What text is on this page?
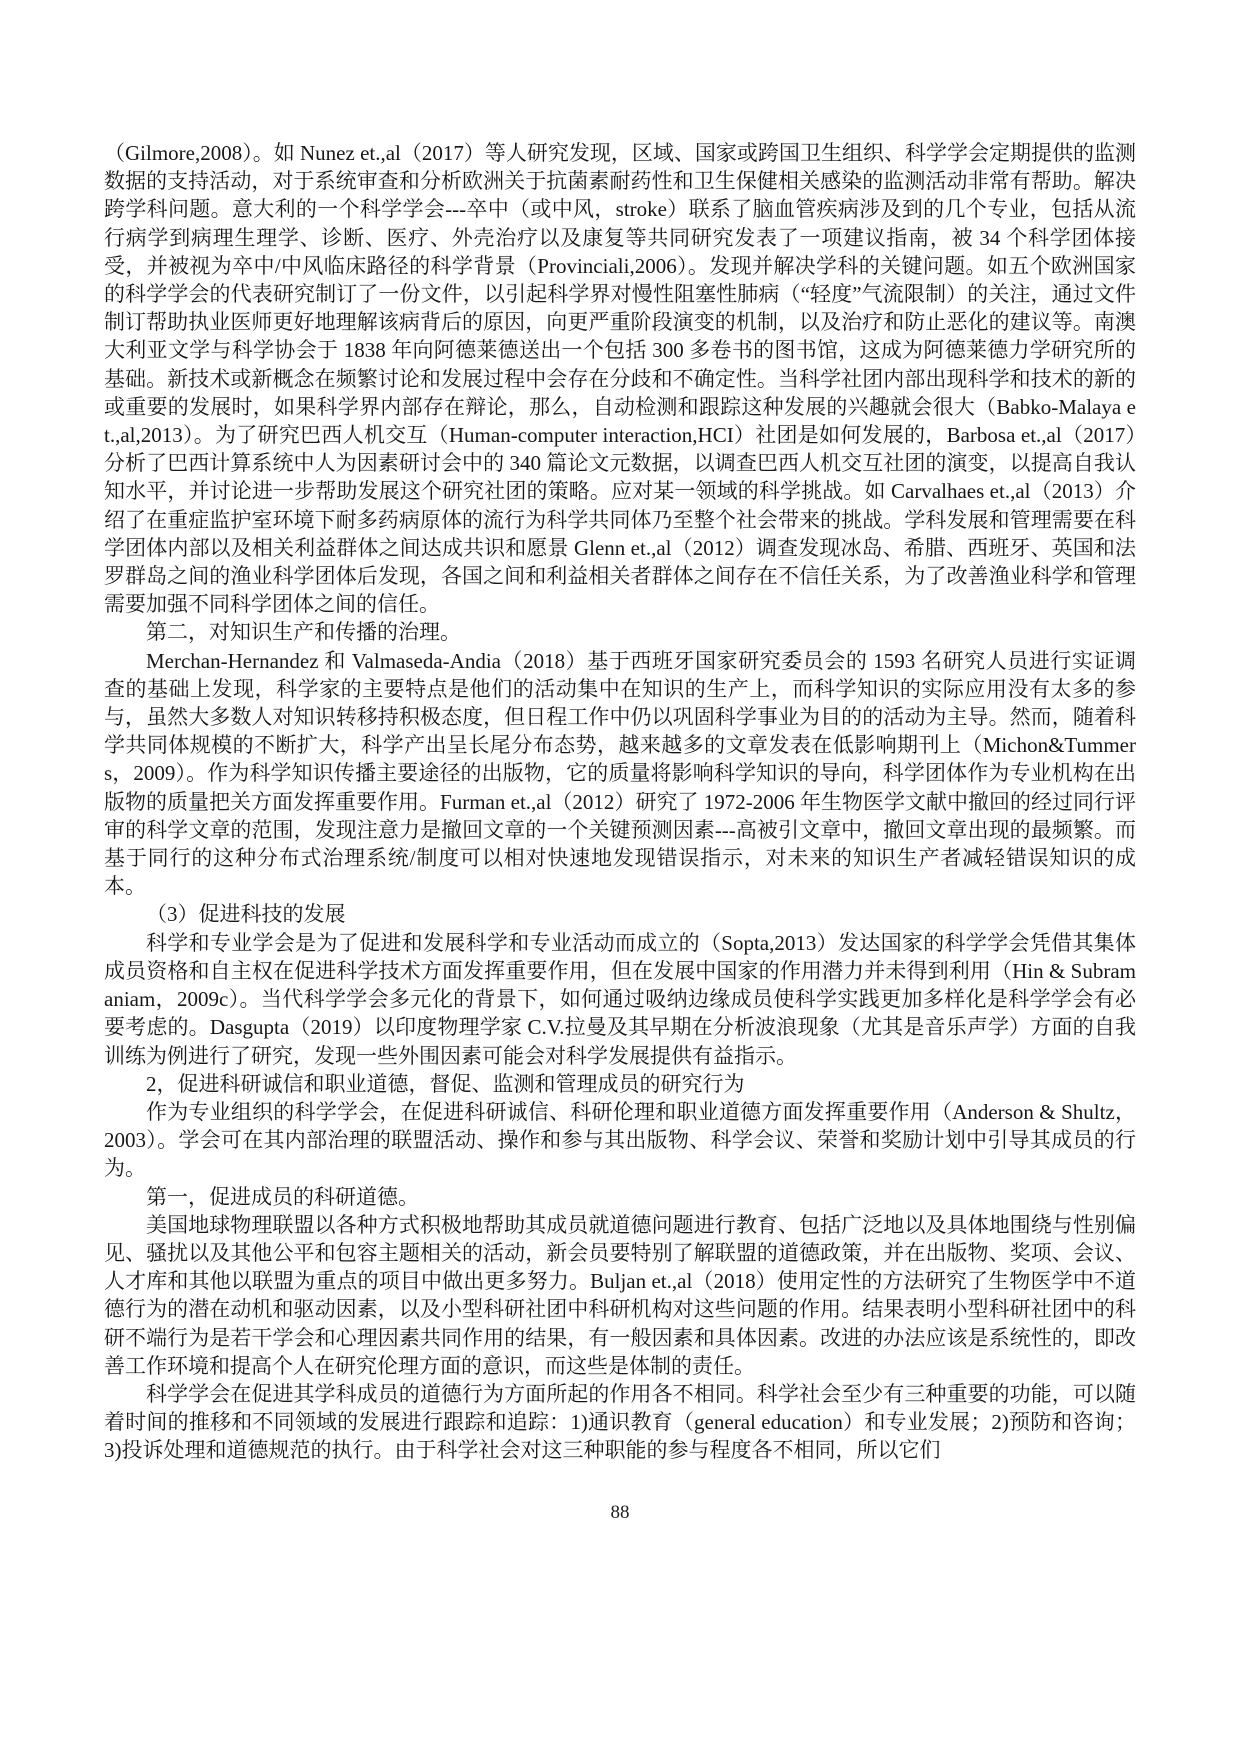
（Gilmore,2008）。如 Nunez et.,al（2017）等人研究发现，区域、国家或跨国卫生组织、科学学会定期提供的监测数据的支持活动，对于系统审查和分析欧洲关于抗菌素耐药性和卫生保健相关感染的监测活动非常有帮助。解决跨学科问题。意大利的一个科学学会---卒中（或中风，stroke）联系了脑血管疾病涉及到的几个专业，包括从流行病学到病理生理学、诊断、医疗、外壳治疗以及康复等共同研究发表了一项建议指南，被 34 个科学团体接受，并被视为卒中/中风临床路径的科学背景（Provinciali,2006）。发现并解决学科的关键问题。如五个欧洲国家的科学学会的代表研究制订了一份文件，以引起科学界对慢性阻塞性肺病（“轻度”气流限制）的关注，通过文件制订帮助执业医师更好地理解该病背后的原因，向更严重阶段演变的机制，以及治疗和防止恶化的建议等。南澳大利亚文学与科学协会于 1838 年向阿德莱德送出一个包括 300 多卷书的图书馆，这成为阿德莱德力学研究所的基础。新技术或新概念在频繁讨论和发展过程中会存在分歧和不确定性。当科学社团内部出现科学和技术的新的或重要的发展时，如果科学界内部存在辩论，那么，自动检测和跟踪这种发展的兴趣就会很大（Babko-Malaya et.,al,2013）。为了研究巴西人机交互（Human-computer interaction,HCI）社团是如何发展的，Barbosa et.,al（2017）分析了巴西计算系统中人为因素研讨会中的 340 篇论文元数据，以调查巴西人机交互社团的演变，以提高自我认知水平，并讨论进一步帮助发展这个研究社团的策略。应对某一领域的科学挑战。如 Carvalhaes et.,al（2013）介绍了在重症监护室环境下耐多药病原体的流行为科学共同体乃至整个社会带来的挑战。学科发展和管理需要在科学团体内部以及相关利益群体之间达成共识和愿景 Glenn et.,al（2012）调查发现冰岛、希腊、西班牙、英国和法罗群岛之间的渔业科学团体后发现，各国之间和利益相关者群体之间存在不信任关系，为了改善渔业科学和管理需要加强不同科学团体之间的信任。

第二，对知识生产和传播的治理。

Merchan-Hernandez 和 Valmaseda-Andia（2018）基于西班牙国家研究委员会的 1593 名研究人员进行实证调查的基础上发现，科学家的主要特点是他们的活动集中在知识的生产上，而科学知识的实际应用没有太多的参与，虽然大多数人对知识转移持积极态度，但日程工作中仍以巩固科学事业为目的的活动为主导。然而，随着科学共同体规模的不断扩大，科学产出呈长尾分布态势，越来越多的文章发表在低影响期刊上（Michon&Tummers，2009）。作为科学知识传播主要途径的出版物，它的质量将影响科学知识的导向，科学团体作为专业机构在出版物的质量把关方面发挥重要作用。Furman et.,al（2012）研究了 1972-2006 年生物医学文献中撤回的经过同行评审的科学文章的范围，发现注意力是撤回文章的一个关键预测因素---高被引文章中，撤回文章出现的最频繁。而基于同行的这种分布式治理系统/制度可以相对快速地发现错误指示，对未来的知识生产者减轻错误知识的成本。

（3）促进科技的发展

科学和专业学会是为了促进和发展科学和专业活动而成立的（Sopta,2013）发达国家的科学学会凭借其集体成员资格和自主权在促进科学技术方面发挥重要作用，但在发展中国家的作用潜力并未得到利用（Hin & Subramaniam，2009c）。当代科学学会多元化的背景下，如何通过吸纳边缘成员使科学实践更加多样化是科学学会有必要考虑的。Dasgupta（2019）以印度物理学家 C.V.拉曼及其早期在分析波浪现象（尤其是音乐声学）方面的自我训练为例进行了研究，发现一些外围因素可能会对科学发展提供有益指示。

2，促进科研诚信和职业道德，督促、监测和管理成员的研究行为

作为专业组织的科学学会，在促进科研诚信、科研伦理和职业道德方面发挥重要作用（Anderson & Shultz，2003）。学会可在其内部治理的联盟活动、操作和参与其出版物、科学会议、荣誉和奖励计划中引导其成员的行为。

第一，促进成员的科研道德。

美国地球物理联盟以各种方式积极地帮助其成员就道德问题进行教育、包括广泛地以及具体地围绕与性别偏见、骚扰以及其他公平和包容主题相关的活动，新会员要特别了解联盟的道德政策，并在出版物、奖项、会议、人才库和其他以联盟为重点的项目中做出更多努力。Buljan et.,al（2018）使用定性的方法研究了生物医学中不道德行为的潜在动机和驱动因素，以及小型科研社团中科研机构对这些问题的作用。结果表明小型科研社团中的科研不端行为是若干学会和心理因素共同作用的结果，有一般因素和具体因素。改进的办法应该是系统性的，即改善工作环境和提高个人在研究伦理方面的意识，而这些是体制的责任。

科学学会在促进其学科成员的道德行为方面所起的作用各不相同。科学社会至少有三种重要的功能，可以随着时间的推移和不同领域的发展进行跟踪和追踪：1)通识教育（general education）和专业发展；2)预防和咨询；3)投诉处理和道德规范的执行。由于科学社会对这三种职能的参与程度各不相同，所以它们

88
